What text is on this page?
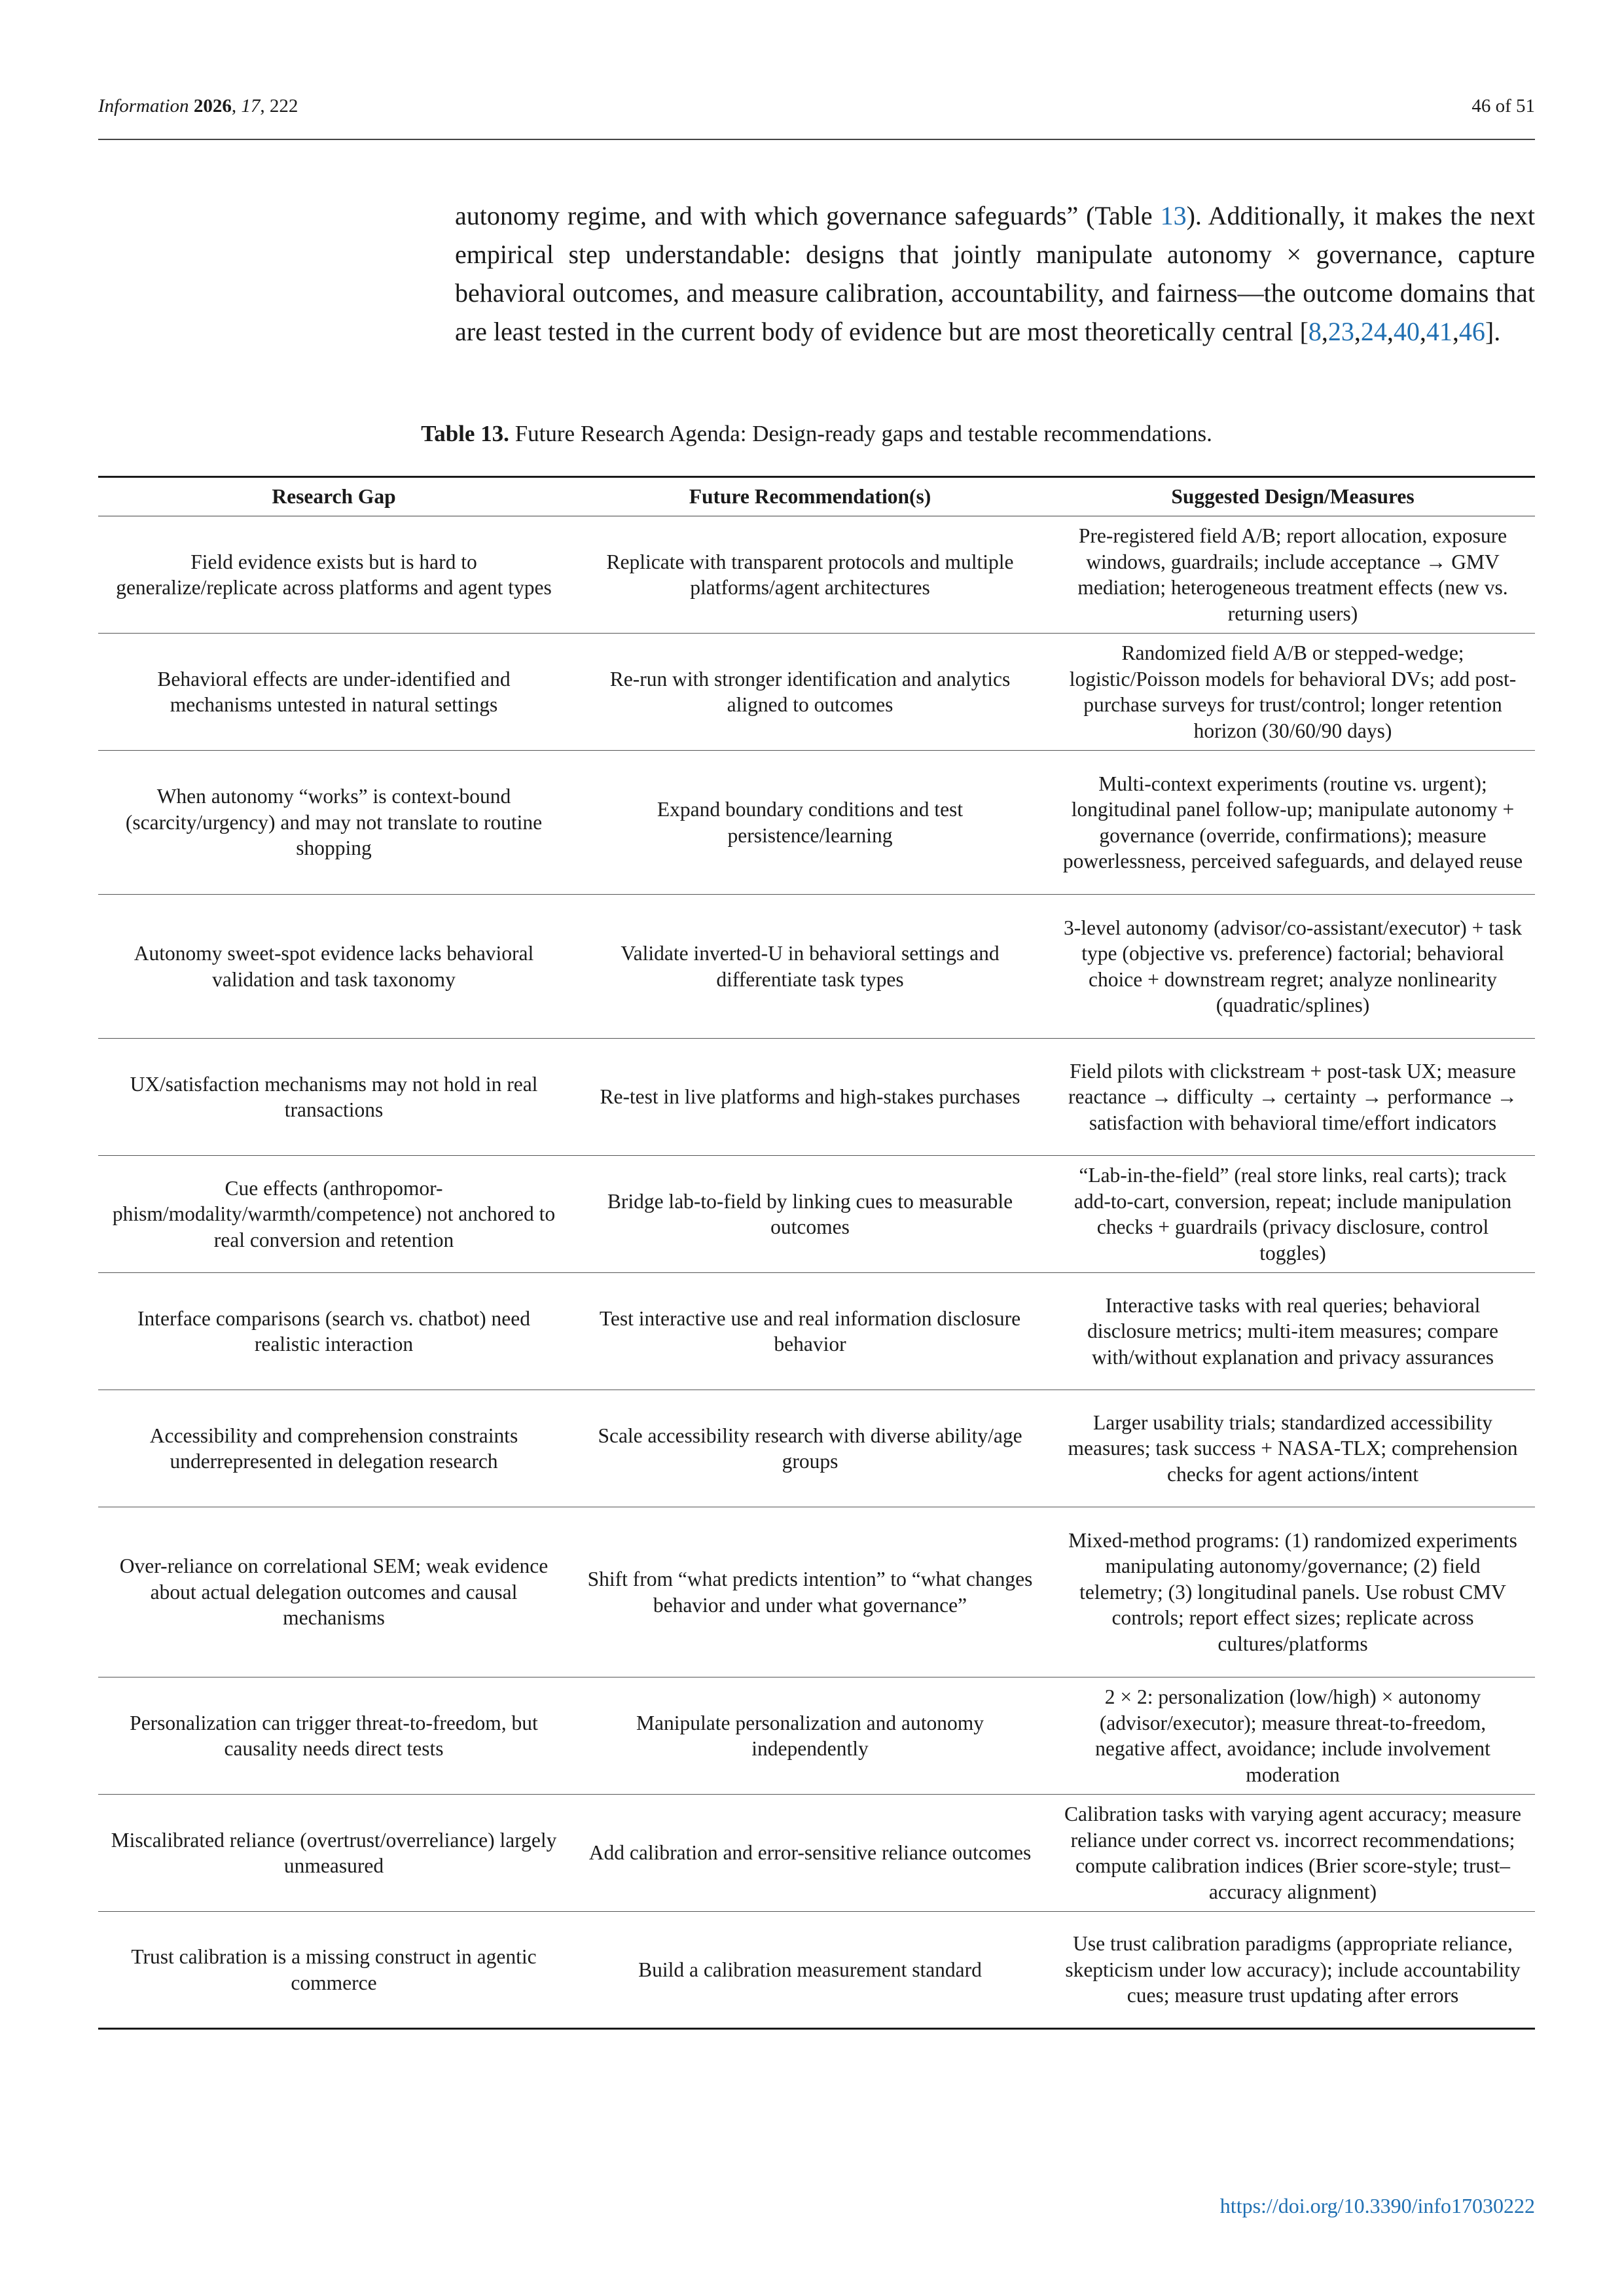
Information 2026, 17, 222	46 of 51

autonomy regime, and with which governance safeguards” (Table 13). Additionally, it makes the next empirical step understandable: designs that jointly manipulate autonomy × governance, capture behavioral outcomes, and measure calibration, accountability, and fairness—the outcome domains that are least tested in the current body of evidence but are most theoretically central [8,23,24,40,41,46].

Table 13. Future Research Agenda: Design-ready gaps and testable recommendations.
Research Gap	Future Recommendation(s)	Suggested Design/Measures
Field evidence exists but is hard to generalize/replicate across platforms and agent types	Replicate with transparent protocols and multiple platforms/agent architectures	Pre-registered field A/B; report allocation, exposure windows, guardrails; include acceptance → GMV mediation; heterogeneous treatment effects (new vs. returning users)
Behavioral effects are under-identified and mechanisms untested in natural settings	Re-run with stronger identification and analytics aligned to outcomes	Randomized field A/B or stepped-wedge; logistic/Poisson models for behavioral DVs; add post-purchase surveys for trust/control; longer retention horizon (30/60/90 days)
When autonomy “works” is context-bound (scarcity/urgency) and may not translate to routine shopping	Expand boundary conditions and test persistence/learning	Multi-context experiments (routine vs. urgent); longitudinal panel follow-up; manipulate autonomy + governance (override, confirmations); measure powerlessness, perceived safeguards, and delayed reuse
Autonomy sweet-spot evidence lacks behavioral validation and task taxonomy	Validate inverted-U in behavioral settings and differentiate task types	3-level autonomy (advisor/co-assistant/executor) + task type (objective vs. preference) factorial; behavioral choice + downstream regret; analyze nonlinearity (quadratic/splines)
UX/satisfaction mechanisms may not hold in real transactions	Re-test in live platforms and high-stakes purchases	Field pilots with clickstream + post-task UX; measure reactance → difficulty → certainty → performance → satisfaction with behavioral time/effort indicators
Cue effects (anthropomor-phism/modality/warmth/competence) not anchored to real conversion and retention	Bridge lab-to-field by linking cues to measurable outcomes	“Lab-in-the-field” (real store links, real carts); track add-to-cart, conversion, repeat; include manipulation checks + guardrails (privacy disclosure, control toggles)
Interface comparisons (search vs. chatbot) need realistic interaction	Test interactive use and real information disclosure behavior	Interactive tasks with real queries; behavioral disclosure metrics; multi-item measures; compare with/without explanation and privacy assurances
Accessibility and comprehension constraints underrepresented in delegation research	Scale accessibility research with diverse ability/age groups	Larger usability trials; standardized accessibility measures; task success + NASA-TLX; comprehension checks for agent actions/intent
Over-reliance on correlational SEM; weak evidence about actual delegation outcomes and causal mechanisms	Shift from “what predicts intention” to “what changes behavior and under what governance”	Mixed-method programs: (1) randomized experiments manipulating autonomy/governance; (2) field telemetry; (3) longitudinal panels. Use robust CMV controls; report effect sizes; replicate across cultures/platforms
Personalization can trigger threat-to-freedom, but causality needs direct tests	Manipulate personalization and autonomy independently	2 × 2: personalization (low/high) × autonomy (advisor/executor); measure threat-to-freedom, negative affect, avoidance; include involvement moderation
Miscalibrated reliance (overtrust/overreliance) largely unmeasured	Add calibration and error-sensitive reliance outcomes	Calibration tasks with varying agent accuracy; measure reliance under correct vs. incorrect recommendations; compute calibration indices (Brier score-style; trust–accuracy alignment)
Trust calibration is a missing construct in agentic commerce	Build a calibration measurement standard	Use trust calibration paradigms (appropriate reliance, skepticism under low accuracy); include accountability cues; measure trust updating after errors
https://doi.org/10.3390/info17030222
